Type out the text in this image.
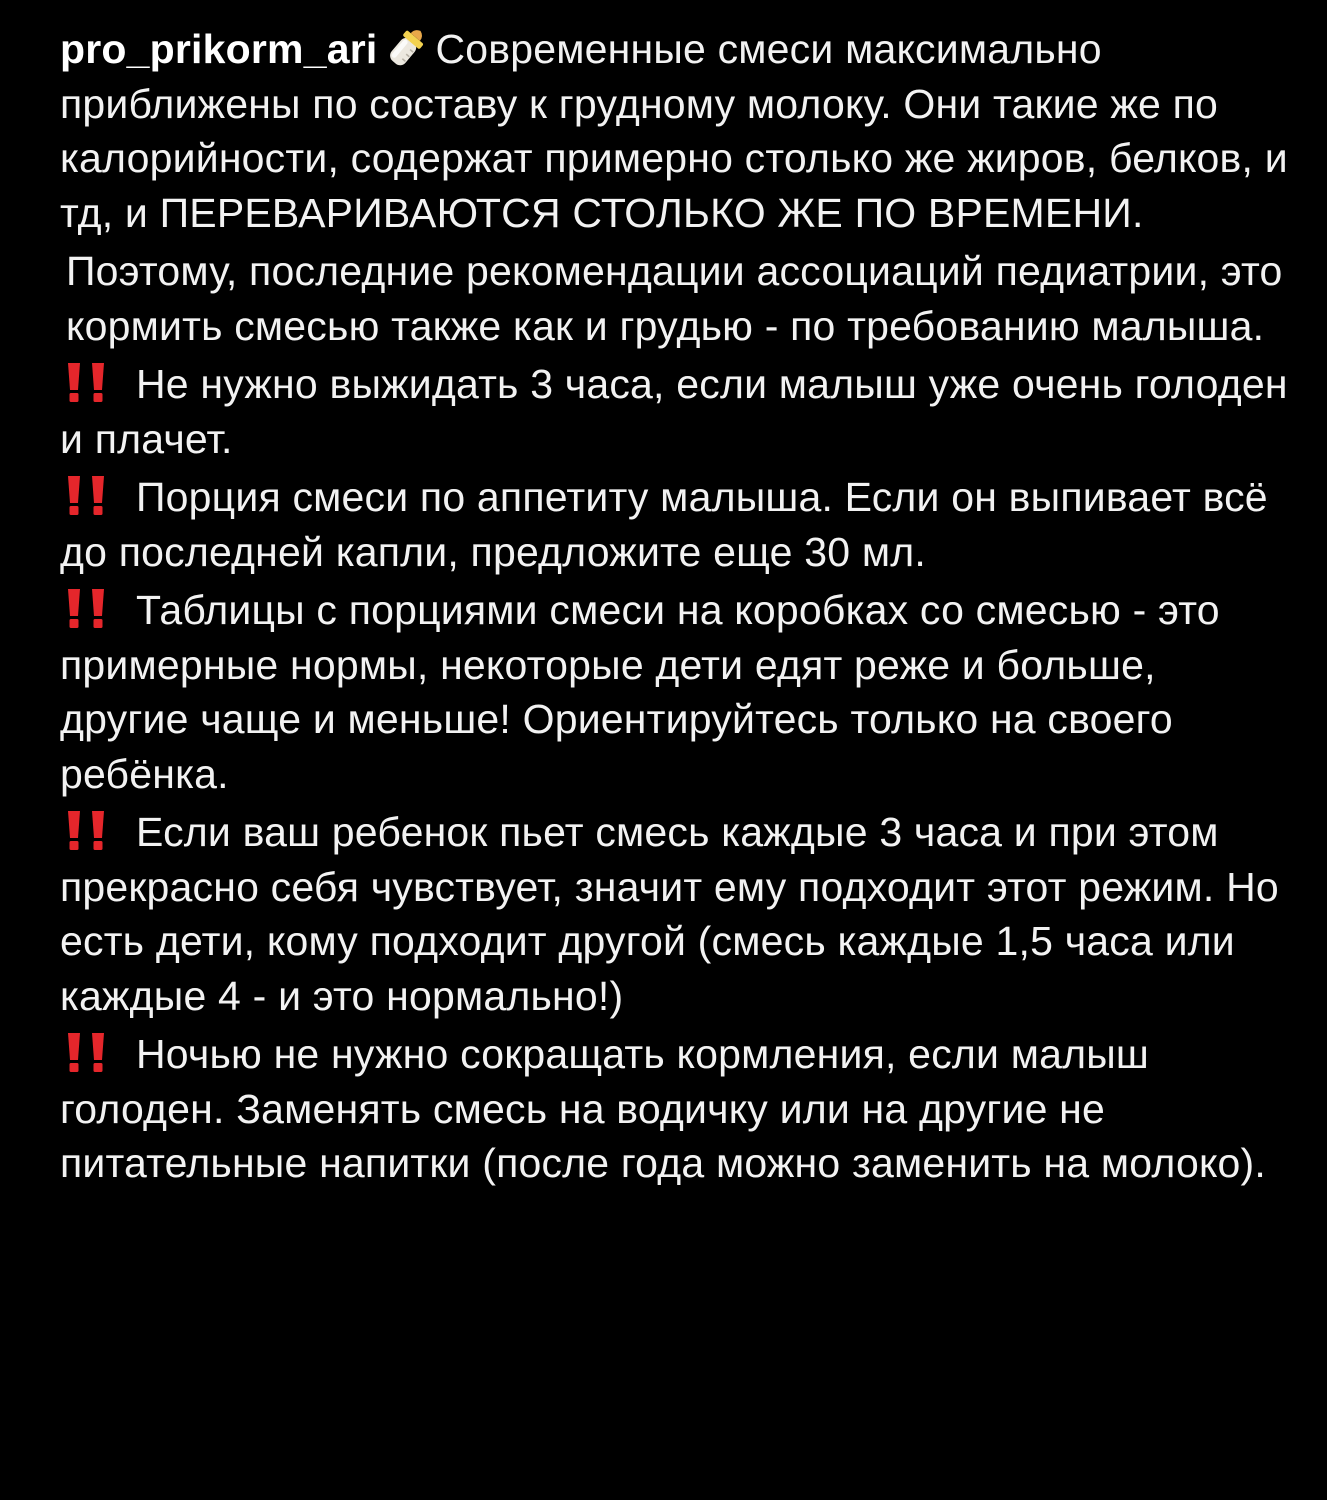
pro_prikorm_ari Современные смеси максимально приближены по составу к грудному молоку. Они такие же по калорийности, содержат примерно столько же жиров, белков, и тд, и ПЕРЕВАРИВАЮТСЯ СТОЛЬКО ЖЕ ПО ВРЕМЕНИ.

Поэтому, последние рекомендации ассоциаций педиатрии, это кормить смесью также как и грудью - по требованию малыша.

Не нужно выжидать 3 часа, если малыш уже очень голоден и плачет.

Порция смеси по аппетиту малыша. Если он выпивает всё до последней капли, предложите еще 30 мл.

Таблицы с порциями смеси на коробках со смесью - это примерные нормы, некоторые дети едят реже и больше, другие чаще и меньше! Ориентируйтесь только на своего ребёнка.

Если ваш ребенок пьет смесь каждые 3 часа и при этом прекрасно себя чувствует, значит ему подходит этот режим. Но есть дети, кому подходит другой (смесь каждые 1,5 часа или каждые 4 - и это нормально!)

Ночью не нужно сокращать кормления, если малыш голоден. Заменять смесь на водичку или на другие не питательные напитки (после года можно заменить на молоко).
